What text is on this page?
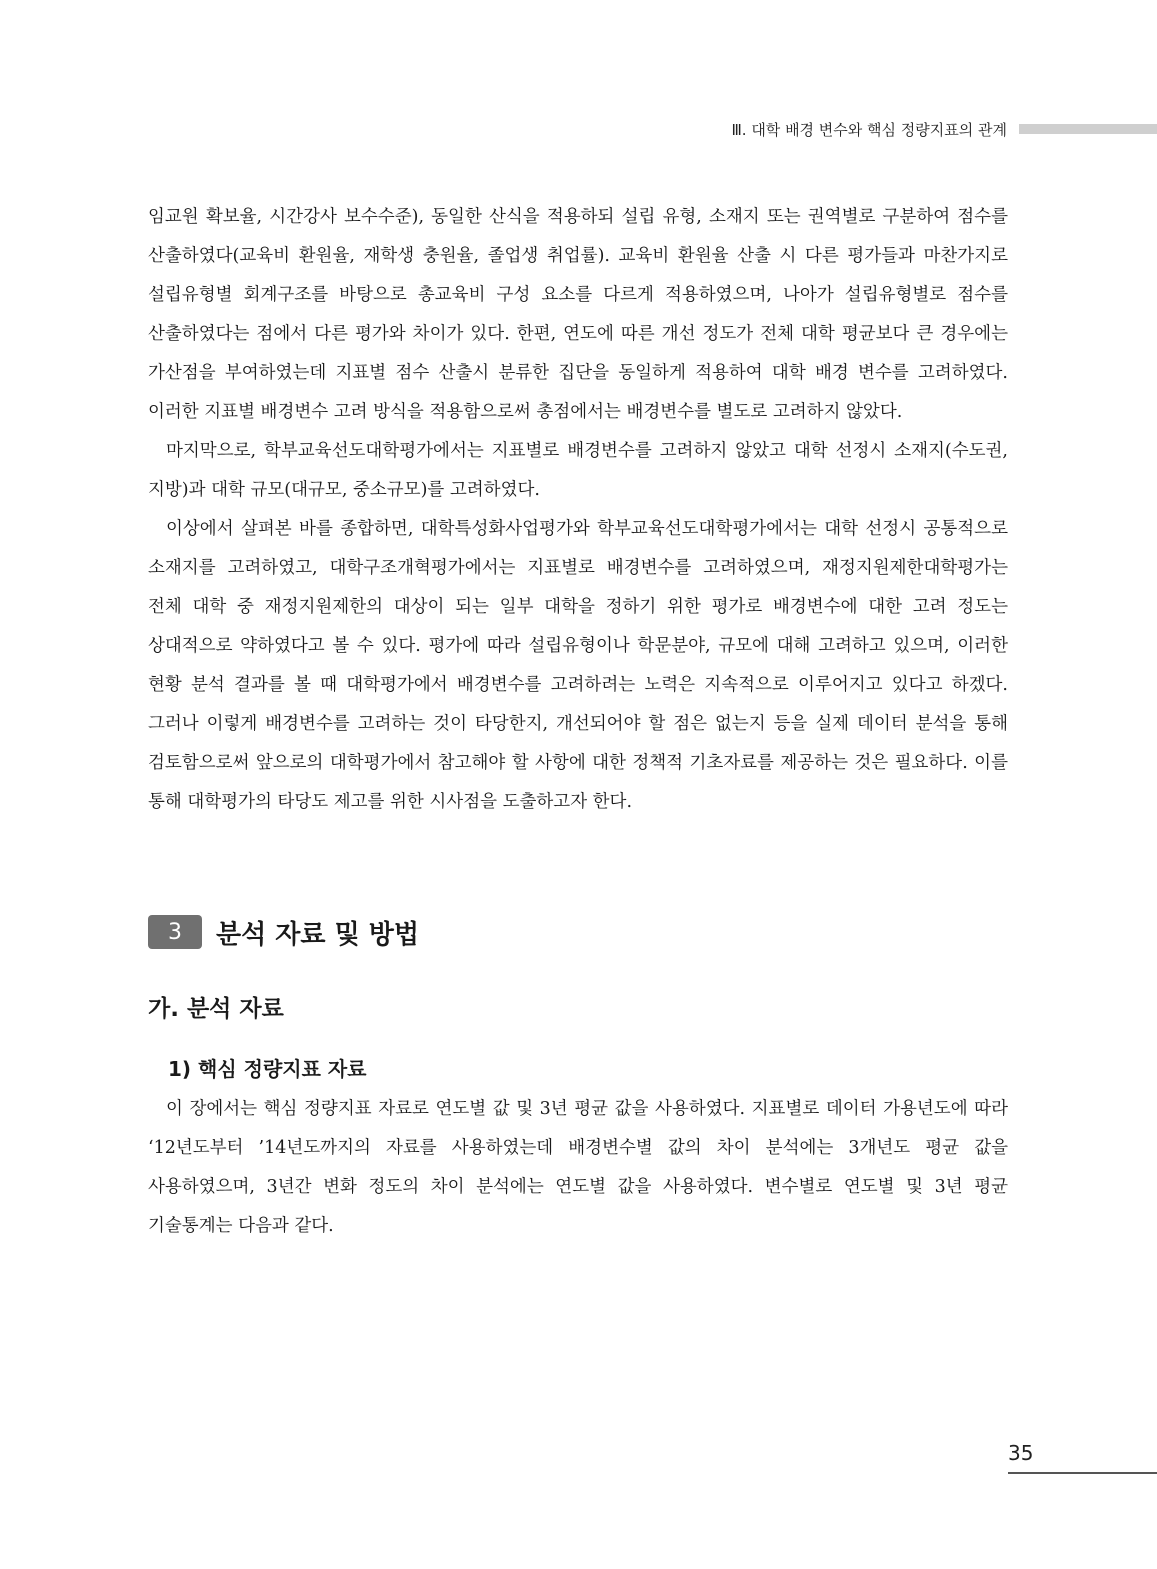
Ⅲ. 대학 배경 변수와 핵심 정량지표의 관계

임교원 확보율, 시간강사 보수수준), 동일한 산식을 적용하되 설립 유형, 소재지 또는 권역별로 구분하여 점수를 산출하였다(교육비 환원율, 재학생 충원율, 졸업생 취업률). 교육비 환원율 산출 시 다른 평가들과 마찬가지로 설립유형별 회계구조를 바탕으로 총교육비 구성 요소를 다르게 적용하였으며, 나아가 설립유형별로 점수를 산출하였다는 점에서 다른 평가와 차이가 있다. 한편, 연도에 따른 개선 정도가 전체 대학 평균보다 큰 경우에는 가산점을 부여하였는데 지표별 점수 산출시 분류한 집단을 동일하게 적용하여 대학 배경 변수를 고려하였다. 이러한 지표별 배경변수 고려 방식을 적용함으로써 총점에서는 배경변수를 별도로 고려하지 않았다.

마지막으로, 학부교육선도대학평가에서는 지표별로 배경변수를 고려하지 않았고 대학 선정시 소재지(수도권, 지방)과 대학 규모(대규모, 중소규모)를 고려하였다.

이상에서 살펴본 바를 종합하면, 대학특성화사업평가와 학부교육선도대학평가에서는 대학 선정시 공통적으로 소재지를 고려하였고, 대학구조개혁평가에서는 지표별로 배경변수를 고려하였으며, 재정지원제한대학평가는 전체 대학 중 재정지원제한의 대상이 되는 일부 대학을 정하기 위한 평가로 배경변수에 대한 고려 정도는 상대적으로 약하였다고 볼 수 있다. 평가에 따라 설립유형이나 학문분야, 규모에 대해 고려하고 있으며, 이러한 현황 분석 결과를 볼 때 대학평가에서 배경변수를 고려하려는 노력은 지속적으로 이루어지고 있다고 하겠다. 그러나 이렇게 배경변수를 고려하는 것이 타당한지, 개선되어야 할 점은 없는지 등을 실제 데이터 분석을 통해 검토함으로써 앞으로의 대학평가에서 참고해야 할 사항에 대한 정책적 기초자료를 제공하는 것은 필요하다. 이를 통해 대학평가의 타당도 제고를 위한 시사점을 도출하고자 한다.

3	분석 자료 및 방법
가. 분석 자료
1) 핵심 정량지표 자료

이 장에서는 핵심 정량지표 자료로 연도별 값 및 3년 평균 값을 사용하였다. 지표별로 데이터 가용년도에 따라 ‘12년도부터 ’14년도까지의 자료를 사용하였는데 배경변수별 값의 차이 분석에는 3개년도 평균 값을 사용하였으며, 3년간 변화 정도의 차이 분석에는 연도별 값을 사용하였다. 변수별로 연도별 및 3년 평균 기술통계는 다음과 같다.

35
